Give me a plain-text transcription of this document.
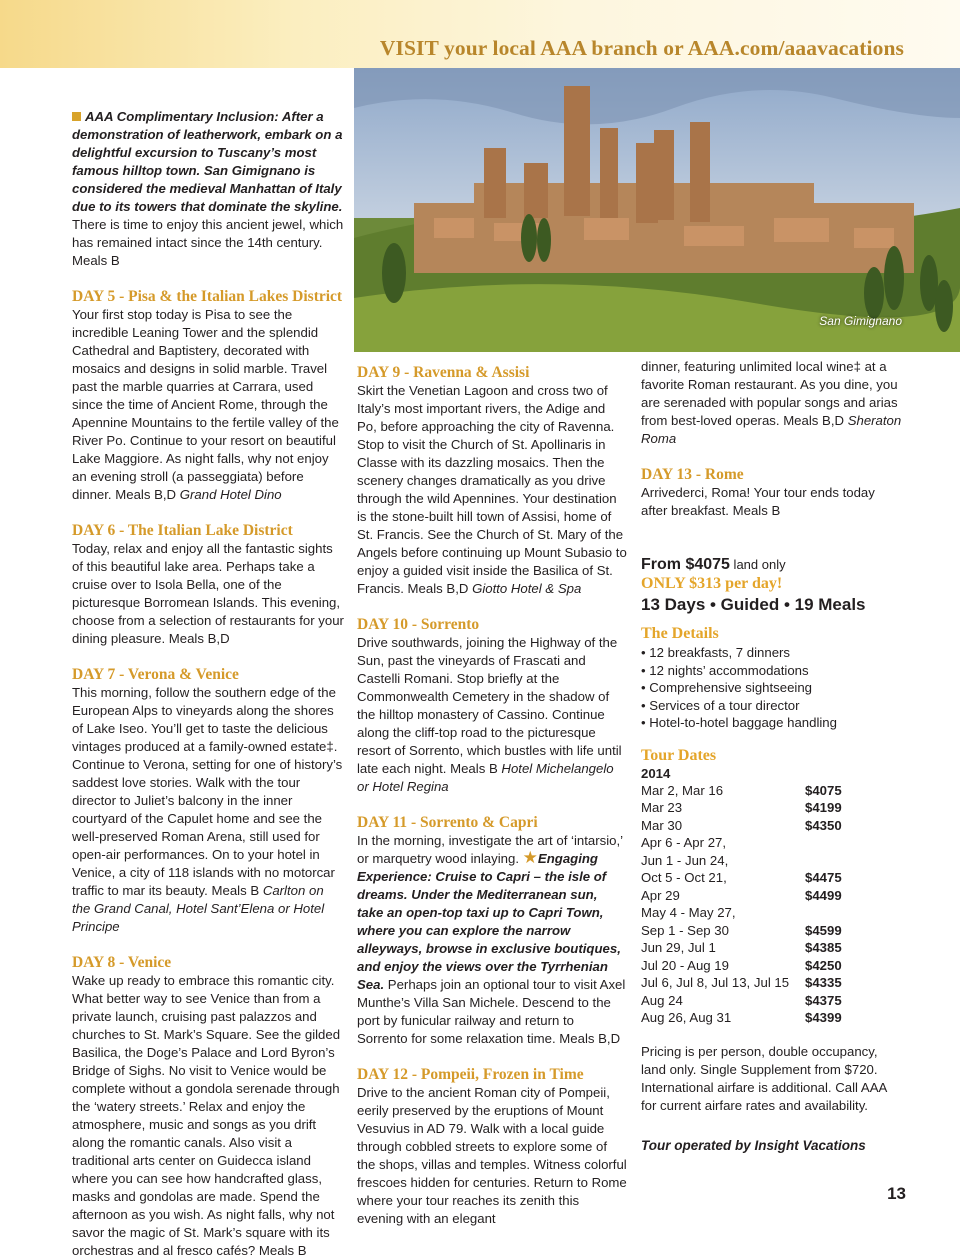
VISIT your local AAA branch or AAA.com/aaavacations
San Gimignano

AAA Complimentary Inclusion: After a demonstration of leatherwork, embark on a delightful excursion to Tuscany’s most famous hilltop town. San Gimignano is considered the medieval Manhattan of Italy due to its towers that dominate the skyline. There is time to enjoy this ancient jewel, which has remained intact since the 14th century. Meals B

DAY 5 - Pisa & the Italian Lakes District

Your first stop today is Pisa to see the incredible Leaning Tower and the splendid Cathedral and Baptistery, decorated with mosaics and designs in solid marble. Travel past the marble quarries at Carrara, used since the time of Ancient Rome, through the Apennine Mountains to the fertile valley of the River Po. Continue to your resort on beautiful Lake Maggiore. As night falls, why not enjoy an evening stroll (a passeggiata) before dinner. Meals B,D Grand Hotel Dino

DAY 6 - The Italian Lake District

Today, relax and enjoy all the fantastic sights of this beautiful lake area. Perhaps take a cruise over to Isola Bella, one of the picturesque Borromean Islands. This evening, choose from a selection of restaurants for your dining pleasure. Meals B,D

DAY 7 - Verona & Venice

This morning, follow the southern edge of the European Alps to vineyards along the shores of Lake Iseo. You’ll get to taste the delicious vintages produced at a family-owned estate‡. Continue to Verona, setting for one of history’s saddest love stories. Walk with the tour director to Juliet’s balcony in the inner courtyard of the Capulet home and see the well-preserved Roman Arena, still used for open-air performances. On to your hotel in Venice, a city of 118 islands with no motorcar traffic to mar its beauty. Meals B Carlton on the Grand Canal, Hotel Sant’Elena or Hotel Principe

DAY 8 - Venice

Wake up ready to embrace this romantic city. What better way to see Venice than from a private launch, cruising past palazzos and churches to St. Mark’s Square. See the gilded Basilica, the Doge’s Palace and Lord Byron’s Bridge of Sighs. No visit to Venice would be complete without a gondola serenade through the ‘watery streets.’ Relax and enjoy the atmosphere, music and songs as you drift along the romantic canals. Also visit a traditional arts center on Guidecca island where you can see how handcrafted glass, masks and gondolas are made. Spend the afternoon as you wish. As night falls, why not savor the magic of St. Mark’s square with its orchestras and al fresco cafés? Meals B

DAY 9 - Ravenna & Assisi

Skirt the Venetian Lagoon and cross two of Italy’s most important rivers, the Adige and Po, before approaching the city of Ravenna. Stop to visit the Church of St. Apollinaris in Classe with its dazzling mosaics. Then the scenery changes dramatically as you drive through the wild Apennines. Your destination is the stone-built hill town of Assisi, home of St. Francis. See the Church of St. Mary of the Angels before continuing up Mount Subasio to enjoy a guided visit inside the Basilica of St. Francis. Meals B,D Giotto Hotel & Spa

DAY 10 - Sorrento

Drive southwards, joining the Highway of the Sun, past the vineyards of Frascati and Castelli Romani. Stop briefly at the Commonwealth Cemetery in the shadow of the hilltop monastery of Cassino. Continue along the cliff-top road to the picturesque resort of Sorrento, which bustles with life until late each night. Meals B Hotel Michelangelo or Hotel Regina

DAY 11 - Sorrento & Capri

In the morning, investigate the art of ‘intarsio,’ or marquetry wood inlaying. ★Engaging Experience: Cruise to Capri – the isle of dreams. Under the Mediterranean sun, take an open-top taxi up to Capri Town, where you can explore the narrow alleyways, browse in exclusive boutiques, and enjoy the views over the Tyrrhenian Sea. Perhaps join an optional tour to visit Axel Munthe’s Villa San Michele. Descend to the port by funicular railway and return to Sorrento for some relaxation time. Meals B,D

DAY 12 - Pompeii, Frozen in Time

Drive to the ancient Roman city of Pompeii, eerily preserved by the eruptions of Mount Vesuvius in AD 79. Walk with a local guide through cobbled streets to explore some of the shops, villas and temples. Witness colorful frescoes hidden for centuries. Return to Rome where your tour reaches its zenith this evening with an elegant

dinner, featuring unlimited local wine‡ at a favorite Roman restaurant. As you dine, you are serenaded with popular songs and arias from best-loved operas. Meals B,D Sheraton Roma

DAY 13 - Rome

Arrivederci, Roma! Your tour ends today after breakfast. Meals B

From $4075 land only

ONLY $313 per day!
13 Days • Guided • 19 Meals
The Details
• 12 breakfasts, 7 dinners
• 12 nights’ accommodations
• Comprehensive sightseeing
• Services of a tour director
• Hotel-to-hotel baggage handling
Tour Dates
2014
Mar 2, Mar 16	$4075
Mar 23	$4199
Mar 30	$4350
Apr 6 - Apr 27,
Jun 1 - Jun 24,
Oct 5 - Oct 21,	$4475
Apr 29	$4499
May 4 - May 27,
Sep 1 - Sep 30	$4599
Jun 29, Jul 1	$4385
Jul 20 - Aug 19	$4250
Jul 6, Jul 8, Jul 13, Jul 15	$4335
Aug 24	$4375
Aug 26, Aug 31	$4399

Pricing is per person, double occupancy, land only. Single Supplement from $720. International airfare is additional. Call AAA for current airfare rates and availability.

Tour operated by Insight Vacations

13
